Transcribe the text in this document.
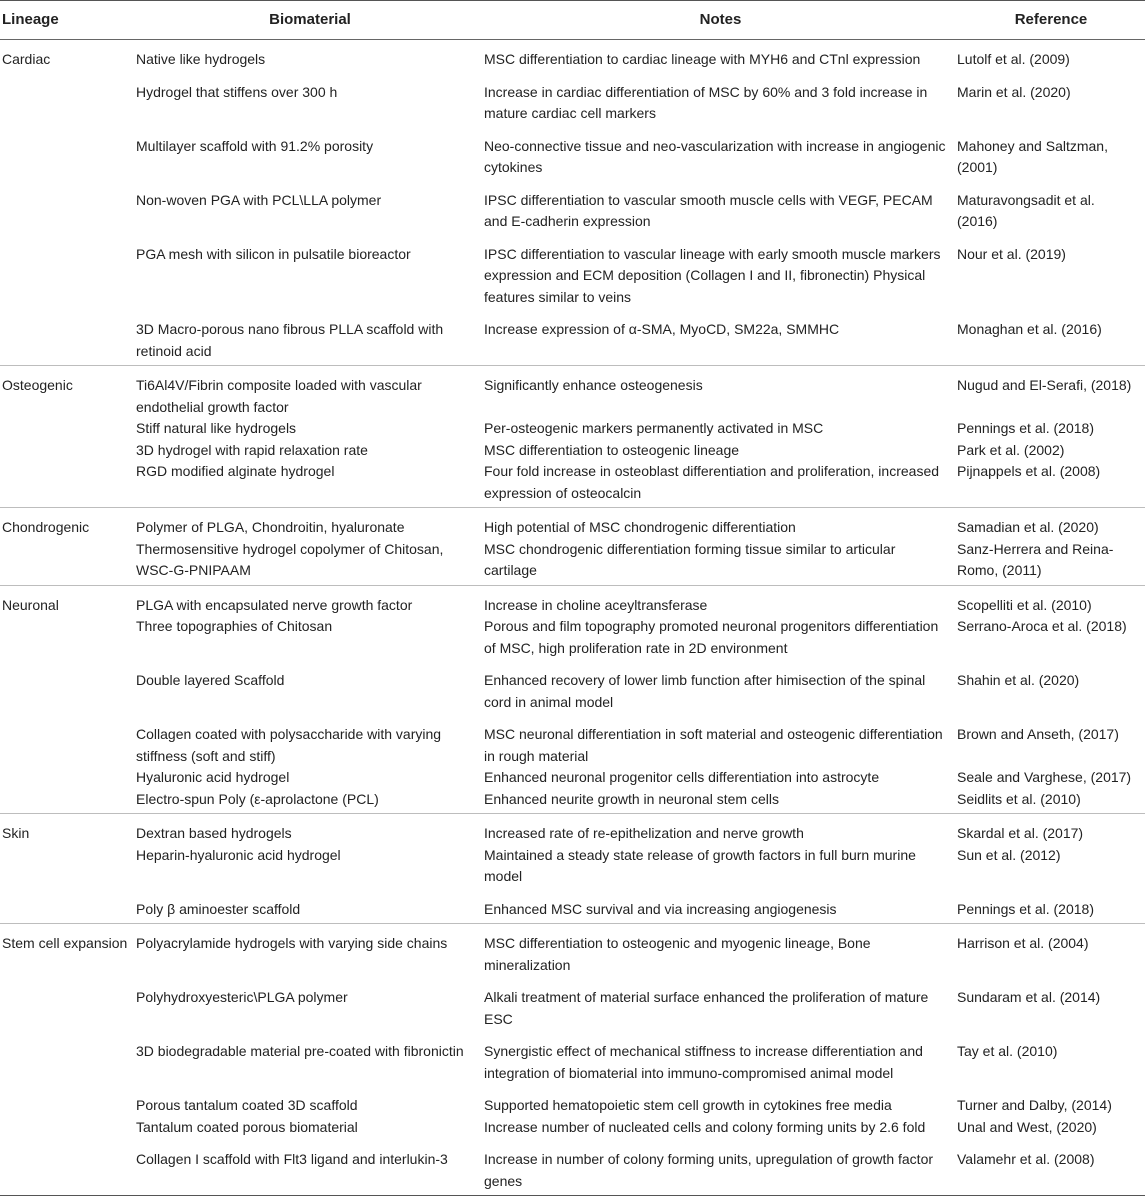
Lineage	Biomaterial	Notes	Reference
Cardiac	Native like hydrogels	MSC differentiation to cardiac lineage with MYH6 and CTnl expression	Lutolf et al. (2009)
	Hydrogel that stiffens over 300 h	Increase in cardiac differentiation of MSC by 60% and 3 fold increase in mature cardiac cell markers	Marin et al. (2020)
	Multilayer scaffold with 91.2% porosity	Neo-connective tissue and neo-vascularization with increase in angiogenic cytokines	Mahoney and Saltzman, (2001)
	Non-woven PGA with PCL\LLA polymer	IPSC differentiation to vascular smooth muscle cells with VEGF, PECAM and E-cadherin expression	Maturavongsadit et al. (2016)
	PGA mesh with silicon in pulsatile bioreactor	IPSC differentiation to vascular lineage with early smooth muscle markers expression and ECM deposition (Collagen I and II, fibronectin) Physical features similar to veins	Nour et al. (2019)
	3D Macro-porous nano fibrous PLLA scaffold with retinoid acid	Increase expression of α-SMA, MyoCD, SM22a, SMMHC	Monaghan et al. (2016)
Osteogenic	Ti6Al4V/Fibrin composite loaded with vascular endothelial growth factor	Significantly enhance osteogenesis	Nugud and El-Serafi, (2018)
	Stiff natural like hydrogels	Per-osteogenic markers permanently activated in MSC	Pennings et al. (2018)
	3D hydrogel with rapid relaxation rate	MSC differentiation to osteogenic lineage	Park et al. (2002)
	RGD modified alginate hydrogel	Four fold increase in osteoblast differentiation and proliferation, increased expression of osteocalcin	Pijnappels et al. (2008)
Chondrogenic	Polymer of PLGA, Chondroitin, hyaluronate	High potential of MSC chondrogenic differentiation	Samadian et al. (2020)
	Thermosensitive hydrogel copolymer of Chitosan, WSC-G-PNIPAAM	MSC chondrogenic differentiation forming tissue similar to articular cartilage	Sanz-Herrera and Reina-Romo, (2011)
Neuronal	PLGA with encapsulated nerve growth factor	Increase in choline aceyltransferase	Scopelliti et al. (2010)
	Three topographies of Chitosan	Porous and film topography promoted neuronal progenitors differentiation of MSC, high proliferation rate in 2D environment	Serrano-Aroca et al. (2018)
	Double layered Scaffold	Enhanced recovery of lower limb function after himisection of the spinal cord in animal model	Shahin et al. (2020)
	Collagen coated with polysaccharide with varying stiffness (soft and stiff)	MSC neuronal differentiation in soft material and osteogenic differentiation in rough material	Brown and Anseth, (2017)
	Hyaluronic acid hydrogel	Enhanced neuronal progenitor cells differentiation into astrocyte	Seale and Varghese, (2017)
	Electro-spun Poly (ε-aprolactone (PCL)	Enhanced neurite growth in neuronal stem cells	Seidlits et al. (2010)
Skin	Dextran based hydrogels	Increased rate of re-epithelization and nerve growth	Skardal et al. (2017)
	Heparin-hyaluronic acid hydrogel	Maintained a steady state release of growth factors in full burn murine model	Sun et al. (2012)
	Poly β aminoester scaffold	Enhanced MSC survival and via increasing angiogenesis	Pennings et al. (2018)
Stem cell expansion	Polyacrylamide hydrogels with varying side chains	MSC differentiation to osteogenic and myogenic lineage, Bone mineralization	Harrison et al. (2004)
	Polyhydroxyesteric\PLGA polymer	Alkali treatment of material surface enhanced the proliferation of mature ESC	Sundaram et al. (2014)
	3D biodegradable material pre-coated with fibronictin	Synergistic effect of mechanical stiffness to increase differentiation and integration of biomaterial into immuno-compromised animal model	Tay et al. (2010)
	Porous tantalum coated 3D scaffold	Supported hematopoietic stem cell growth in cytokines free media	Turner and Dalby, (2014)
	Tantalum coated porous biomaterial	Increase number of nucleated cells and colony forming units by 2.6 fold	Unal and West, (2020)
	Collagen I scaffold with Flt3 ligand and interlukin-3	Increase in number of colony forming units, upregulation of growth factor genes	Valamehr et al. (2008)
